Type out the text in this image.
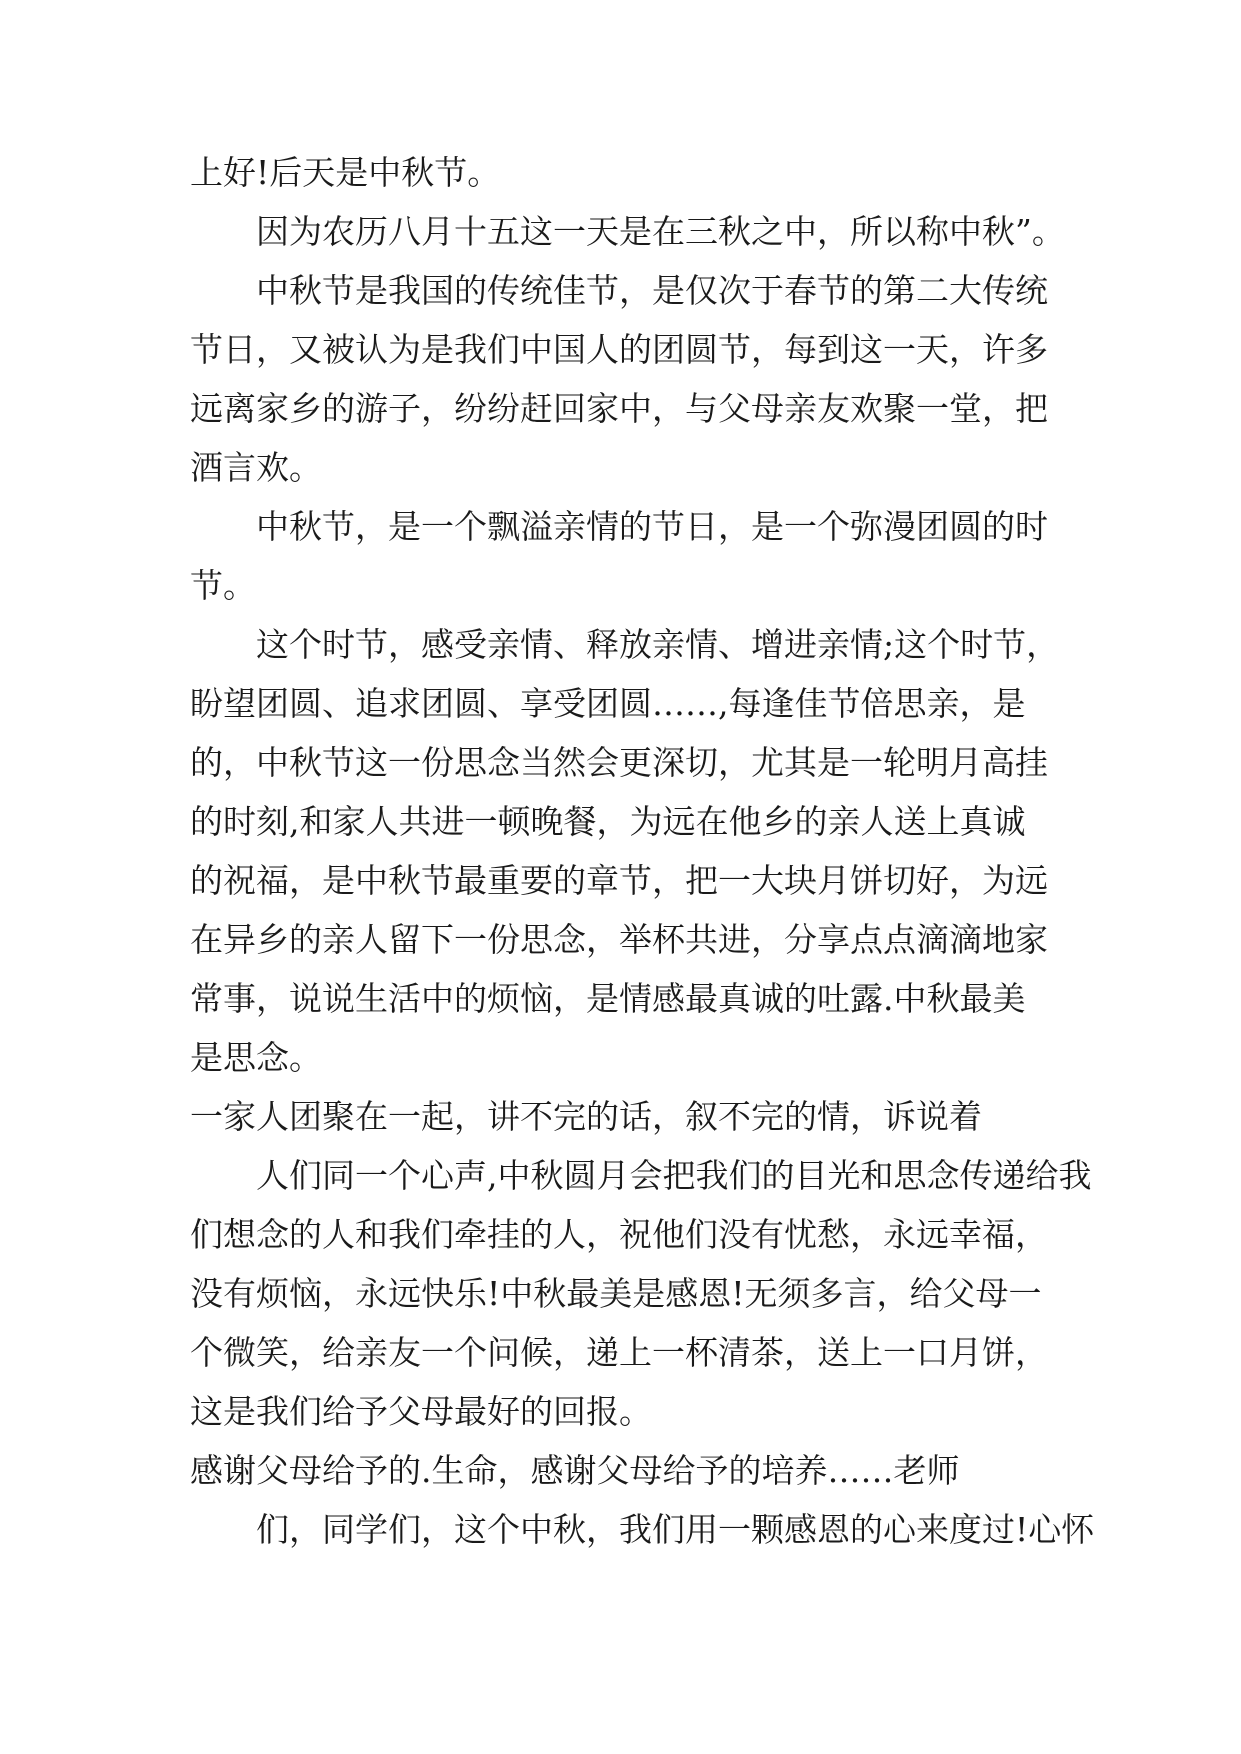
上好!后天是中秋节。
因为农历八月十五这一天是在三秋之中，所以称中秋”。
中秋节是我国的传统佳节，是仅次于春节的第二大传统
节日，又被认为是我们中国人的团圆节，每到这一天，许多
远离家乡的游子，纷纷赶回家中，与父母亲友欢聚一堂，把
酒言欢。
中秋节，是一个飘溢亲情的节日，是一个弥漫团圆的时
节。
这个时节，感受亲情、释放亲情、增进亲情;这个时节，
盼望团圆、追求团圆、享受团圆……,每逢佳节倍思亲，是
的，中秋节这一份思念当然会更深切，尤其是一轮明月高挂
的时刻,和家人共进一顿晚餐，为远在他乡的亲人送上真诚
的祝福，是中秋节最重要的章节，把一大块月饼切好，为远
在异乡的亲人留下一份思念，举杯共进，分享点点滴滴地家
常事，说说生活中的烦恼，是情感最真诚的吐露.中秋最美
是思念。
一家人团聚在一起，讲不完的话，叙不完的情，诉说着
人们同一个心声,中秋圆月会把我们的目光和思念传递给我
们想念的人和我们牵挂的人，祝他们没有忧愁，永远幸福，
没有烦恼，永远快乐!中秋最美是感恩!无须多言，给父母一
个微笑，给亲友一个问候，递上一杯清茶，送上一口月饼，
这是我们给予父母最好的回报。
感谢父母给予的.生命，感谢父母给予的培养……老师
们，同学们，这个中秋，我们用一颗感恩的心来度过!心怀
